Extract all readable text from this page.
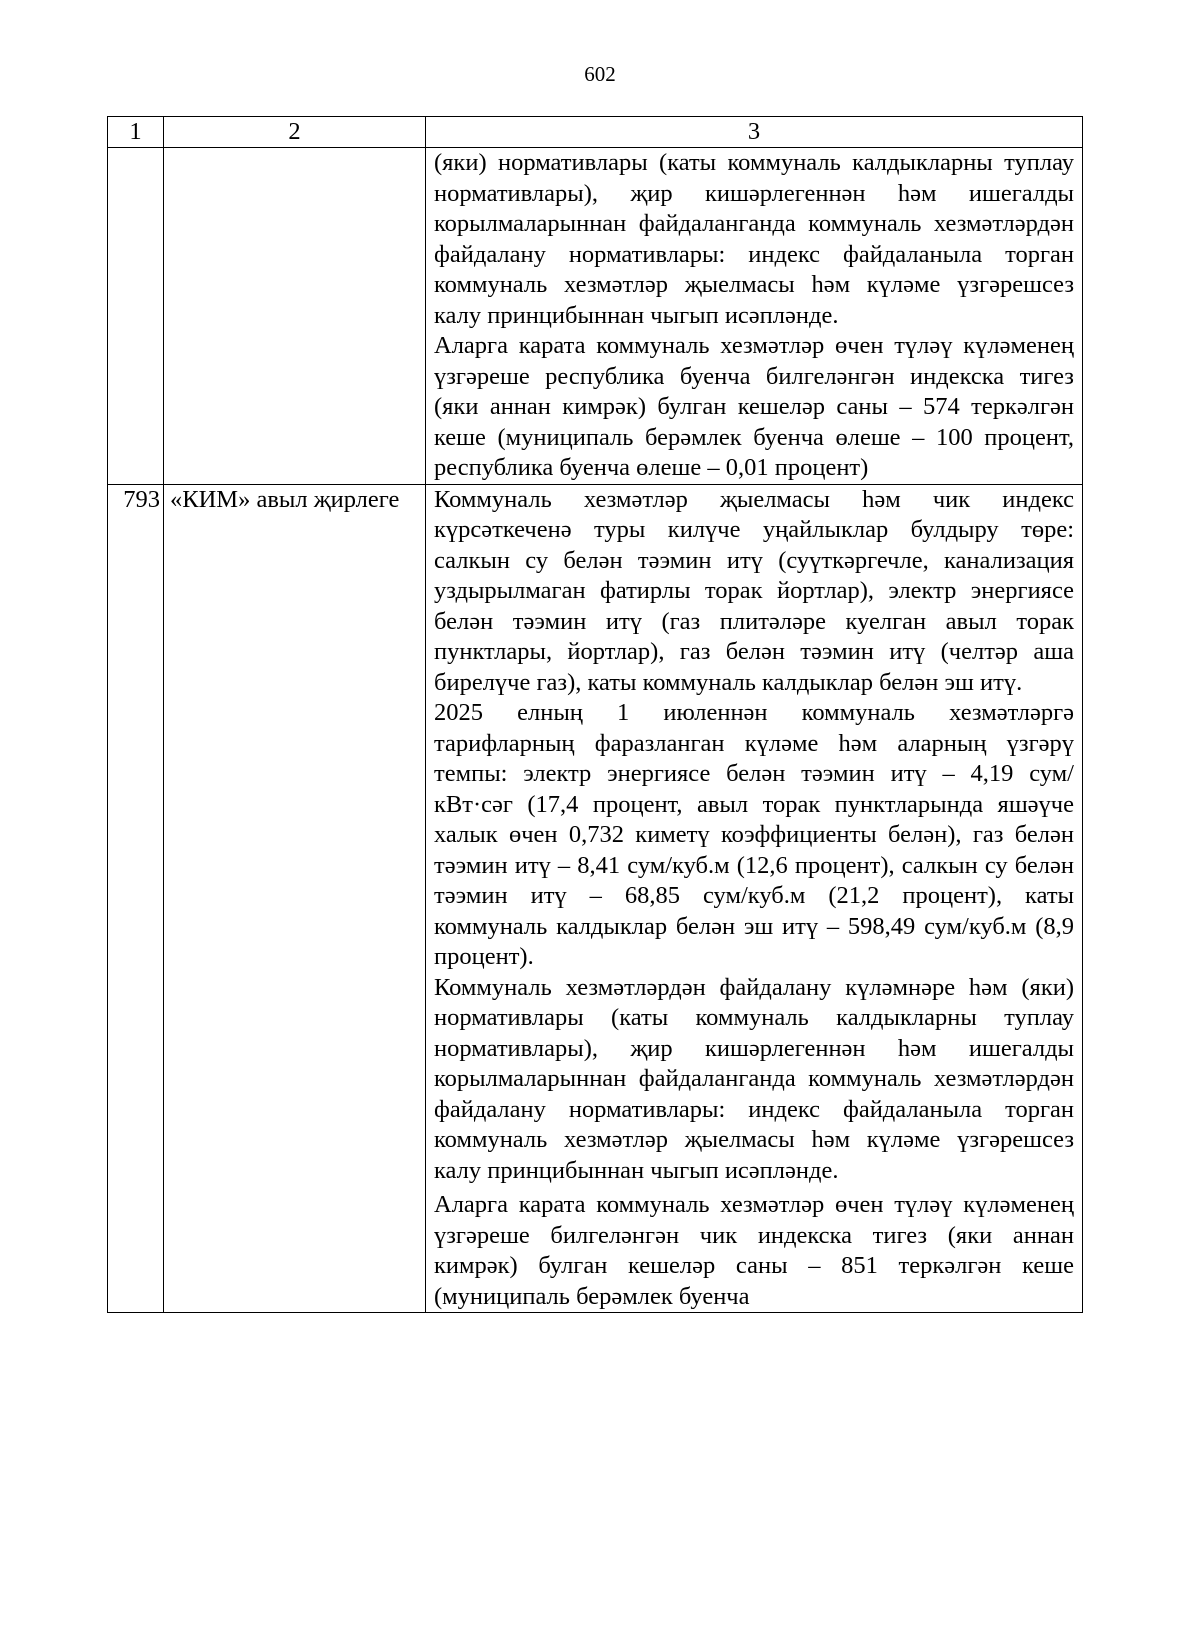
602
1	2	3

		(яки) нормативлары (каты коммуналь калдыкларны туплау нормативлары), җир кишәрлегеннән һәм ишегалды корылмаларыннан файдаланганда коммуналь хезмәтләрдән файдалану нормативлары: индекс файдаланыла торган коммуналь хезмәтләр җыелмасы һәм күләме үзгәрешсез калу принцибыннан чыгып исәпләнде.

Аларга карата коммуналь хезмәтләр өчен түләү күләменең үзгәреше республика буенча билгеләнгән индекска тигез (яки аннан кимрәк) булган кешеләр саны – 574 теркәлгән кеше (муниципаль берәмлек буенча өлеше – 100 процент, республика буенча өлеше – 0,01 процент)

793	«КИМ» авыл җирлеге	Коммуналь хезмәтләр җыелмасы һәм чик индекс күрсәткеченә туры килүче уңайлыклар булдыру төре: салкын су белән тәэмин итү (суүткәргечле, канализация уздырылмаган фатирлы торак йортлар), электр энергиясе белән тәэмин итү (газ плитәләре куелган авыл торак пунктлары, йортлар), газ белән тәэмин итү (челтәр аша бирелүче газ), каты коммуналь калдыклар белән эш итү.

2025 елның 1 июленнән коммуналь хезмәтләргә тарифларның фаразланган күләме һәм аларның үзгәрү темпы: электр энергиясе белән тәэмин итү – 4,19 сум/кВт·сәг (17,4 процент, авыл торак пунктларында яшәүче халык өчен 0,732 киметү коэффициенты белән), газ белән тәэмин итү – 8,41 сум/куб.м (12,6 процент), салкын су белән тәэмин итү – 68,85 сум/куб.м (21,2 процент), каты коммуналь калдыклар белән эш итү – 598,49 сум/куб.м (8,9 процент).

Коммуналь хезмәтләрдән файдалану күләмнәре һәм (яки) нормативлары (каты коммуналь калдыкларны туплау нормативлары), җир кишәрлегеннән һәм ишегалды корылмаларыннан файдаланганда коммуналь хезмәтләрдән файдалану нормативлары: индекс файдаланыла торган коммуналь хезмәтләр җыелмасы һәм күләме үзгәрешсез калу принцибыннан чыгып исәпләнде.

Аларга карата коммуналь хезмәтләр өчен түләү күләменең үзгәреше билгеләнгән чик индекска тигез (яки аннан кимрәк) булган кешеләр саны – 851 теркәлгән кеше (муниципаль берәмлек буенча
